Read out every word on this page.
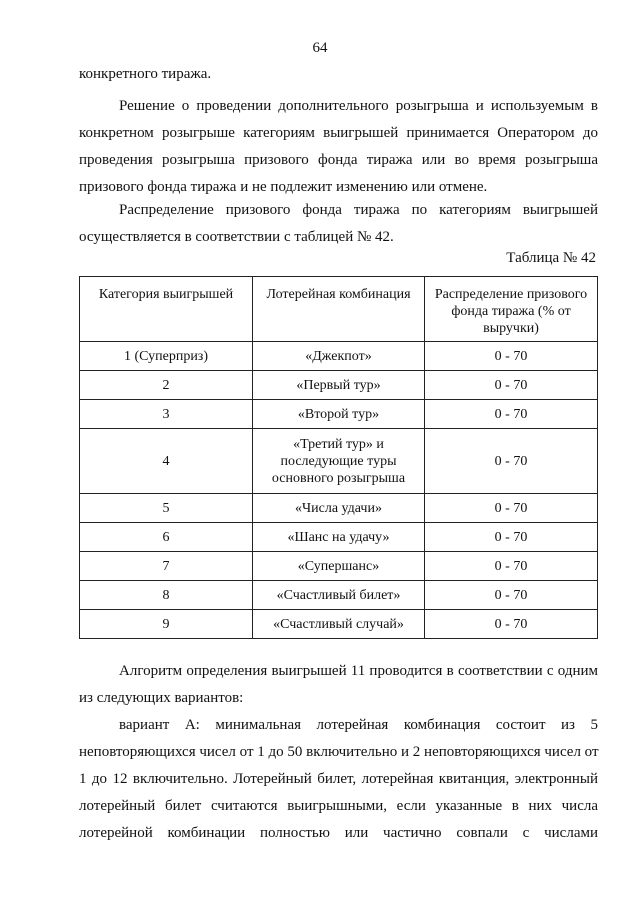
64

конкретного тиража.

Решение о проведении дополнительного розыгрыша и используемым в
конкретном розыгрыше категориям выигрышей принимается Оператором до
проведения розыгрыша призового фонда тиража или во время розыгрыша
призового фонда тиража и не подлежит изменению или отмене.

Распределение призового фонда тиража по категориям выигрышей
осуществляется в соответствии с таблицей № 42.

Таблица № 42
Категория выигрышей	Лотерейная комбинация	Распределение призового фонда тиража (% от выручки)
1 (Суперприз)	«Джекпот»	0 - 70
2	«Первый тур»	0 - 70
3	«Второй тур»	0 - 70
4	«Третий тур» и последующие туры основного розыгрыша	0 - 70
5	«Числа удачи»	0 - 70
6	«Шанс на удачу»	0 - 70
7	«Супершанс»	0 - 70
8	«Счастливый билет»	0 - 70
9	«Счастливый случай»	0 - 70

Алгоритм определения выигрышей 11 проводится в соответствии с одним
из следующих вариантов:

вариант А: минимальная лотерейная комбинация состоит из 5
неповторяющихся чисел от 1 до 50 включительно и 2 неповторяющихся чисел от
1 до 12 включительно. Лотерейный билет, лотерейная квитанция, электронный
лотерейный билет считаются выигрышными, если указанные в них числа
лотерейной комбинации полностью или частично совпали с числами
